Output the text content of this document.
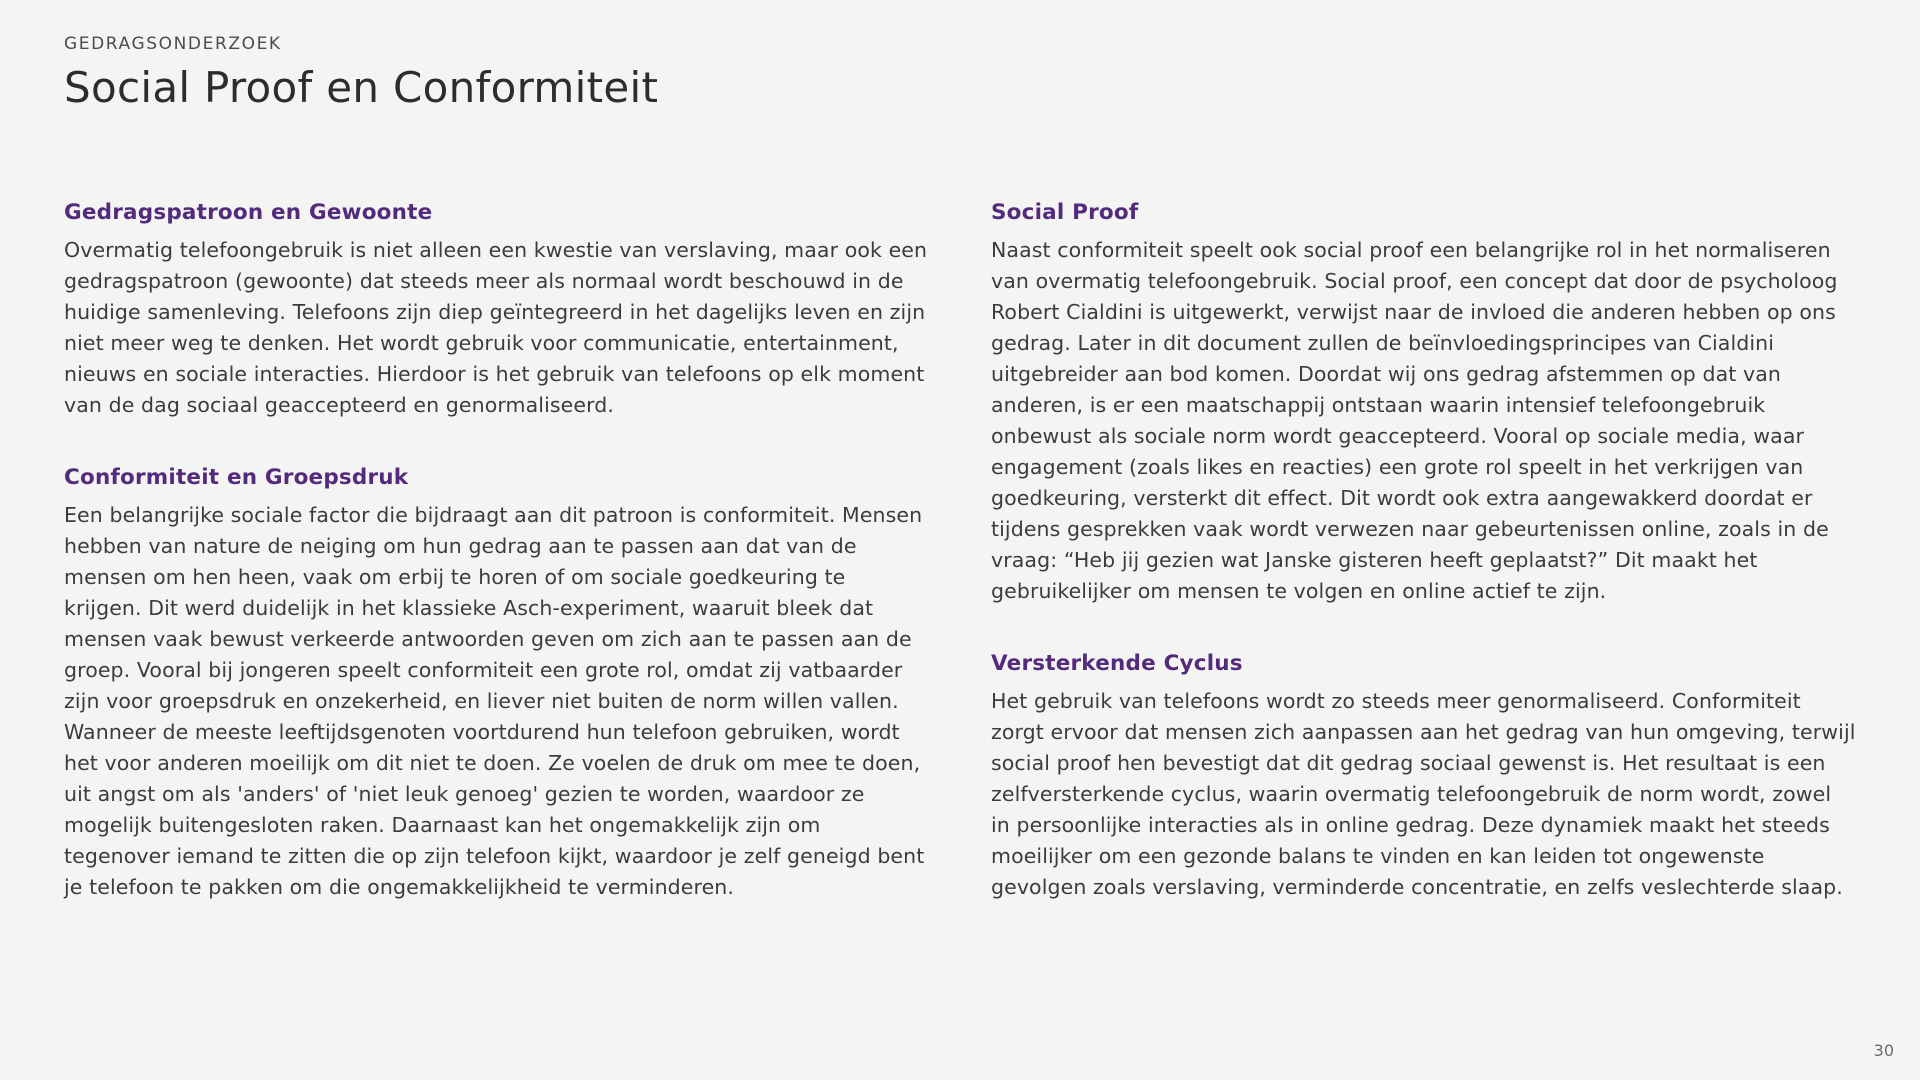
GEDRAGSONDERZOEK
Social Proof en Conformiteit
Gedragspatroon en Gewoonte

Overmatig telefoongebruik is niet alleen een kwestie van verslaving, maar ook een gedragspatroon (gewoonte) dat steeds meer als normaal wordt beschouwd in de huidige samenleving. Telefoons zijn diep geïntegreerd in het dagelijks leven en zijn niet meer weg te denken. Het wordt gebruik voor communicatie, entertainment, nieuws en sociale interacties. Hierdoor is het gebruik van telefoons op elk moment van de dag sociaal geaccepteerd en genormaliseerd.

Conformiteit en Groepsdruk

Een belangrijke sociale factor die bijdraagt aan dit patroon is conformiteit. Mensen hebben van nature de neiging om hun gedrag aan te passen aan dat van de mensen om hen heen, vaak om erbij te horen of om sociale goedkeuring te krijgen. Dit werd duidelijk in het klassieke Asch-experiment, waaruit bleek dat mensen vaak bewust verkeerde antwoorden geven om zich aan te passen aan de groep. Vooral bij jongeren speelt conformiteit een grote rol, omdat zij vatbaarder zijn voor groepsdruk en onzekerheid, en liever niet buiten de norm willen vallen. Wanneer de meeste leeftijdsgenoten voortdurend hun telefoon gebruiken, wordt het voor anderen moeilijk om dit niet te doen. Ze voelen de druk om mee te doen, uit angst om als 'anders' of 'niet leuk genoeg' gezien te worden, waardoor ze mogelijk buitengesloten raken. Daarnaast kan het ongemakkelijk zijn om tegenover iemand te zitten die op zijn telefoon kijkt, waardoor je zelf geneigd bent je telefoon te pakken om die ongemakkelijkheid te verminderen.

Social Proof

Naast conformiteit speelt ook social proof een belangrijke rol in het normaliseren van overmatig telefoongebruik. Social proof, een concept dat door de psycholoog Robert Cialdini is uitgewerkt, verwijst naar de invloed die anderen hebben op ons gedrag. Later in dit document zullen de beïnvloedingsprincipes van Cialdini uitgebreider aan bod komen. Doordat wij ons gedrag afstemmen op dat van anderen, is er een maatschappij ontstaan waarin intensief telefoongebruik onbewust als sociale norm wordt geaccepteerd. Vooral op sociale media, waar engagement (zoals likes en reacties) een grote rol speelt in het verkrijgen van goedkeuring, versterkt dit effect. Dit wordt ook extra aangewakkerd doordat er tijdens gesprekken vaak wordt verwezen naar gebeurtenissen online, zoals in de vraag: “Heb jij gezien wat Janske gisteren heeft geplaatst?” Dit maakt het gebruikelijker om mensen te volgen en online actief te zijn.

Versterkende Cyclus

Het gebruik van telefoons wordt zo steeds meer genormaliseerd. Conformiteit zorgt ervoor dat mensen zich aanpassen aan het gedrag van hun omgeving, terwijl social proof hen bevestigt dat dit gedrag sociaal gewenst is. Het resultaat is een zelfversterkende cyclus, waarin overmatig telefoongebruik de norm wordt, zowel in persoonlijke interacties als in online gedrag. Deze dynamiek maakt het steeds moeilijker om een gezonde balans te vinden en kan leiden tot ongewenste gevolgen zoals verslaving, verminderde concentratie, en zelfs veslechterde slaap.

30
